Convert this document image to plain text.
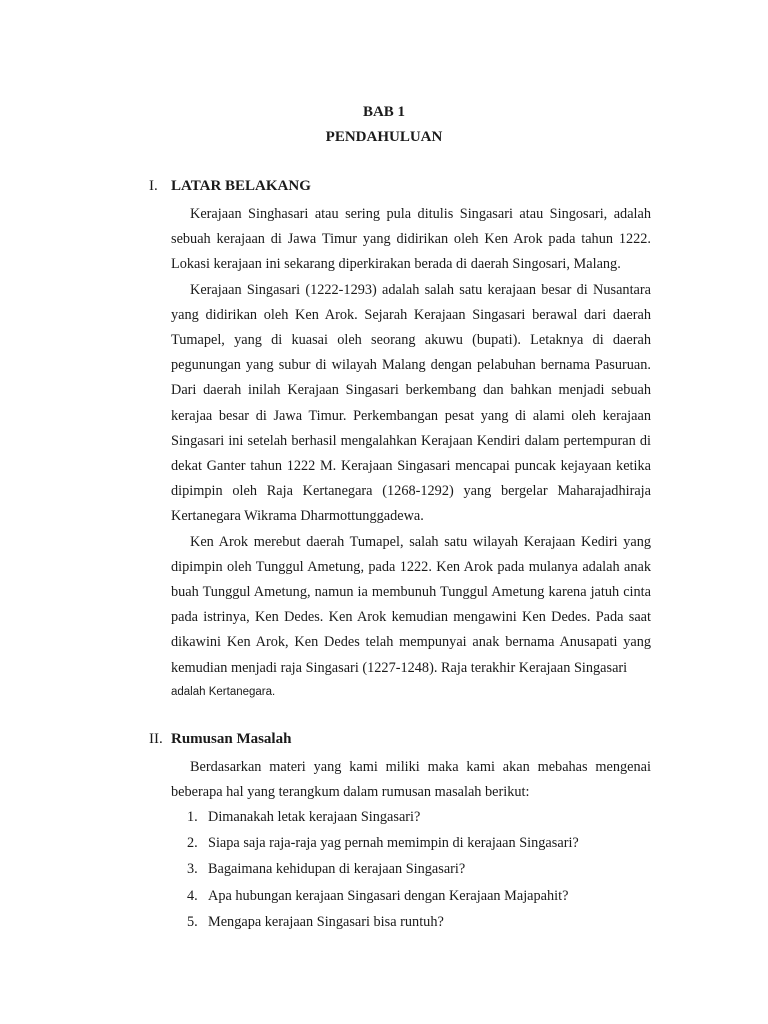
BAB 1
PENDAHULUAN
I. LATAR BELAKANG

Kerajaan Singhasari atau sering pula ditulis Singasari atau Singosari, adalah sebuah kerajaan di Jawa Timur yang didirikan oleh Ken Arok pada tahun 1222. Lokasi kerajaan ini sekarang diperkirakan berada di daerah Singosari, Malang.

Kerajaan Singasari (1222-1293) adalah salah satu kerajaan besar di Nusantara yang didirikan oleh Ken Arok. Sejarah Kerajaan Singasari berawal dari daerah Tumapel, yang di kuasai oleh seorang akuwu (bupati). Letaknya di daerah pegunungan yang subur di wilayah Malang dengan pelabuhan bernama Pasuruan. Dari daerah inilah Kerajaan Singasari berkembang dan bahkan menjadi sebuah kerajaa besar di Jawa Timur. Perkembangan pesat yang di alami oleh kerajaan Singasari ini setelah berhasil mengalahkan Kerajaan Kendiri dalam pertempuran di dekat Ganter tahun 1222 M. Kerajaan Singasari mencapai puncak kejayaan ketika dipimpin oleh Raja Kertanegara (1268-1292) yang bergelar Maharajadhiraja Kertanegara Wikrama Dharmottunggadewa.

Ken Arok merebut daerah Tumapel, salah satu wilayah Kerajaan Kediri yang dipimpin oleh Tunggul Ametung, pada 1222. Ken Arok pada mulanya adalah anak buah Tunggul Ametung, namun ia membunuh Tunggul Ametung karena jatuh cinta pada istrinya, Ken Dedes. Ken Arok kemudian mengawini Ken Dedes. Pada saat dikawini Ken Arok, Ken Dedes telah mempunyai anak bernama Anusapati yang kemudian menjadi raja Singasari (1227-1248). Raja terakhir Kerajaan Singasari

adalah Kertanegara.
II. Rumusan Masalah

Berdasarkan materi yang kami miliki maka kami akan mebahas mengenai beberapa hal yang terangkum dalam rumusan masalah berikut:

1. Dimanakah letak kerajaan Singasari?
2. Siapa saja raja-raja yag pernah memimpin di kerajaan Singasari?
3. Bagaimana kehidupan di kerajaan Singasari?
4. Apa hubungan kerajaan Singasari dengan Kerajaan Majapahit?
5. Mengapa kerajaan Singasari bisa runtuh?
